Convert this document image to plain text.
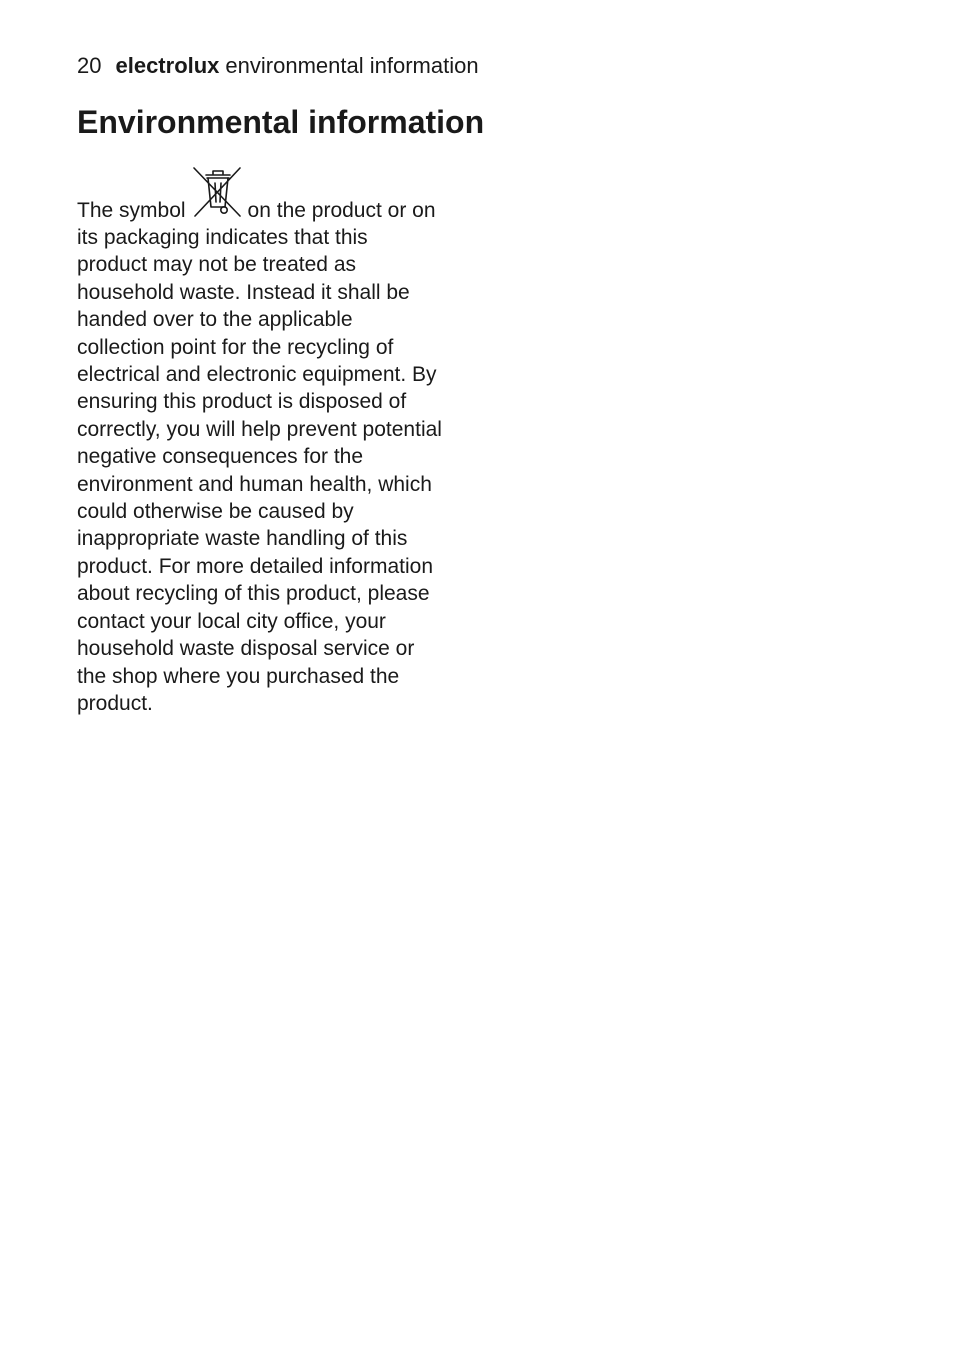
20 electrolux environmental information
Environmental information
The symbol	on the product or on
its packaging indicates that this
product may not be treated as
household waste. Instead it shall be
handed over to the applicable
collection point for the recycling of
electrical and electronic equipment. By
ensuring this product is disposed of
correctly, you will help prevent potential
negative consequences for the
environment and human health, which
could otherwise be caused by
inappropriate waste handling of this
product. For more detailed information
about recycling of this product, please
contact your local city office, your
household waste disposal service or
the shop where you purchased the
product.
